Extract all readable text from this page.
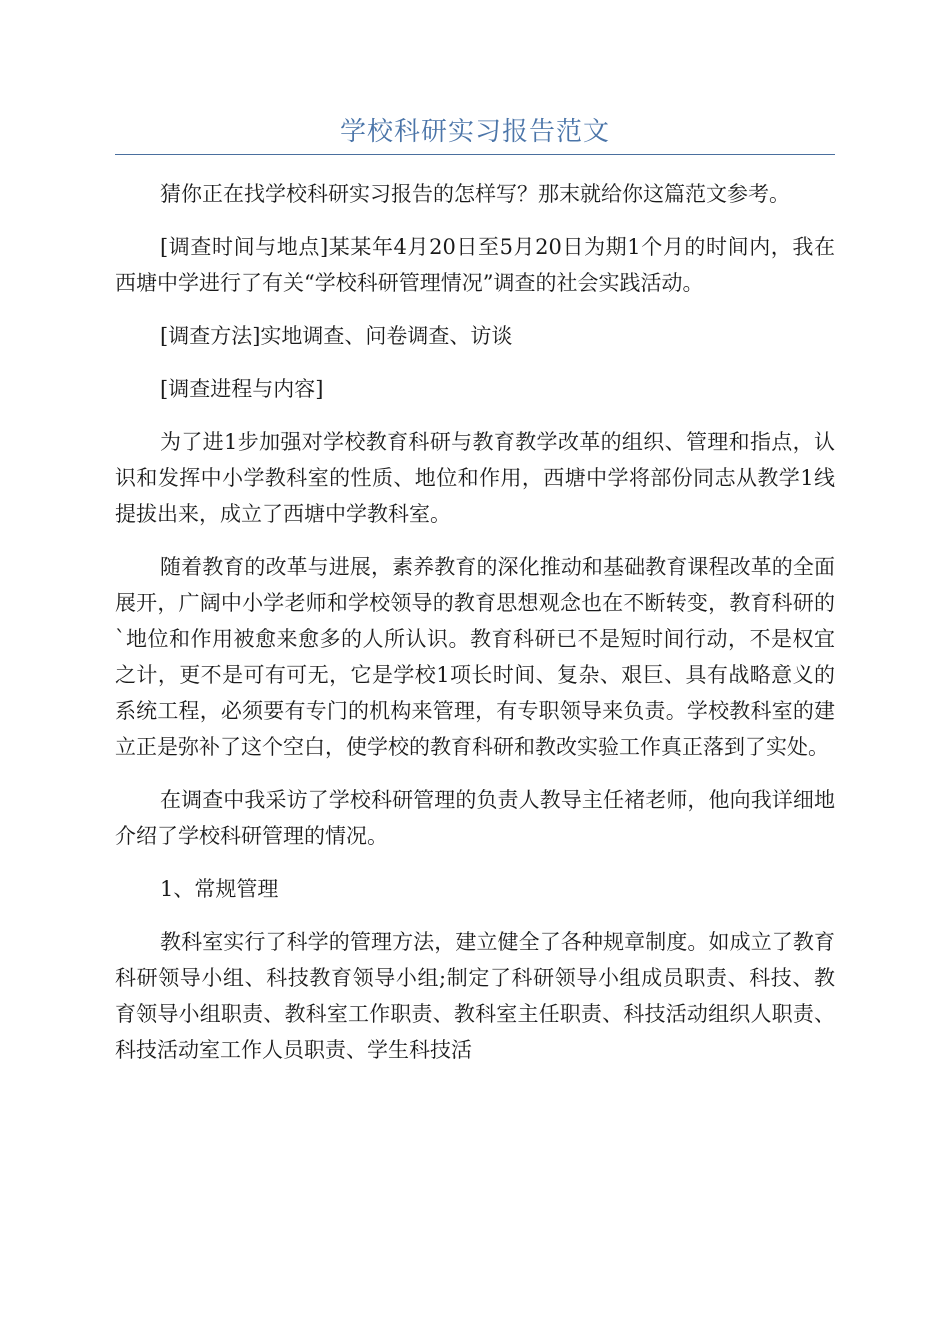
学校科研实习报告范文

猜你正在找学校科研实习报告的怎样写？那末就给你这篇范文参考。

[调查时间与地点]某某年4月20日至5月20日为期1个月的时间内，我在西塘中学进行了有关“学校科研管理情况”调查的社会实践活动。

[调查方法]实地调查、问卷调查、访谈

[调查进程与内容]

为了进1步加强对学校教育科研与教育教学改革的组织、管理和指点，认识和发挥中小学教科室的性质、地位和作用，西塘中学将部份同志从教学1线提拔出来，成立了西塘中学教科室。

随着教育的改革与进展，素养教育的深化推动和基础教育课程改革的全面展开，广阔中小学老师和学校领导的教育思想观念也在不断转变，教育科研的`地位和作用被愈来愈多的人所认识。教育科研已不是短时间行动，不是权宜之计，更不是可有可无，它是学校1项长时间、复杂、艰巨、具有战略意义的系统工程，必须要有专门的机构来管理，有专职领导来负责。学校教科室的建立正是弥补了这个空白，使学校的教育科研和教改实验工作真正落到了实处。

在调查中我采访了学校科研管理的负责人教导主任褚老师，他向我详细地介绍了学校科研管理的情况。

1、常规管理

教科室实行了科学的管理方法，建立健全了各种规章制度。如成立了教育科研领导小组、科技教育领导小组;制定了科研领导小组成员职责、科技、教育领导小组职责、教科室工作职责、教科室主任职责、科技活动组织人职责、科技活动室工作人员职责、学生科技活
